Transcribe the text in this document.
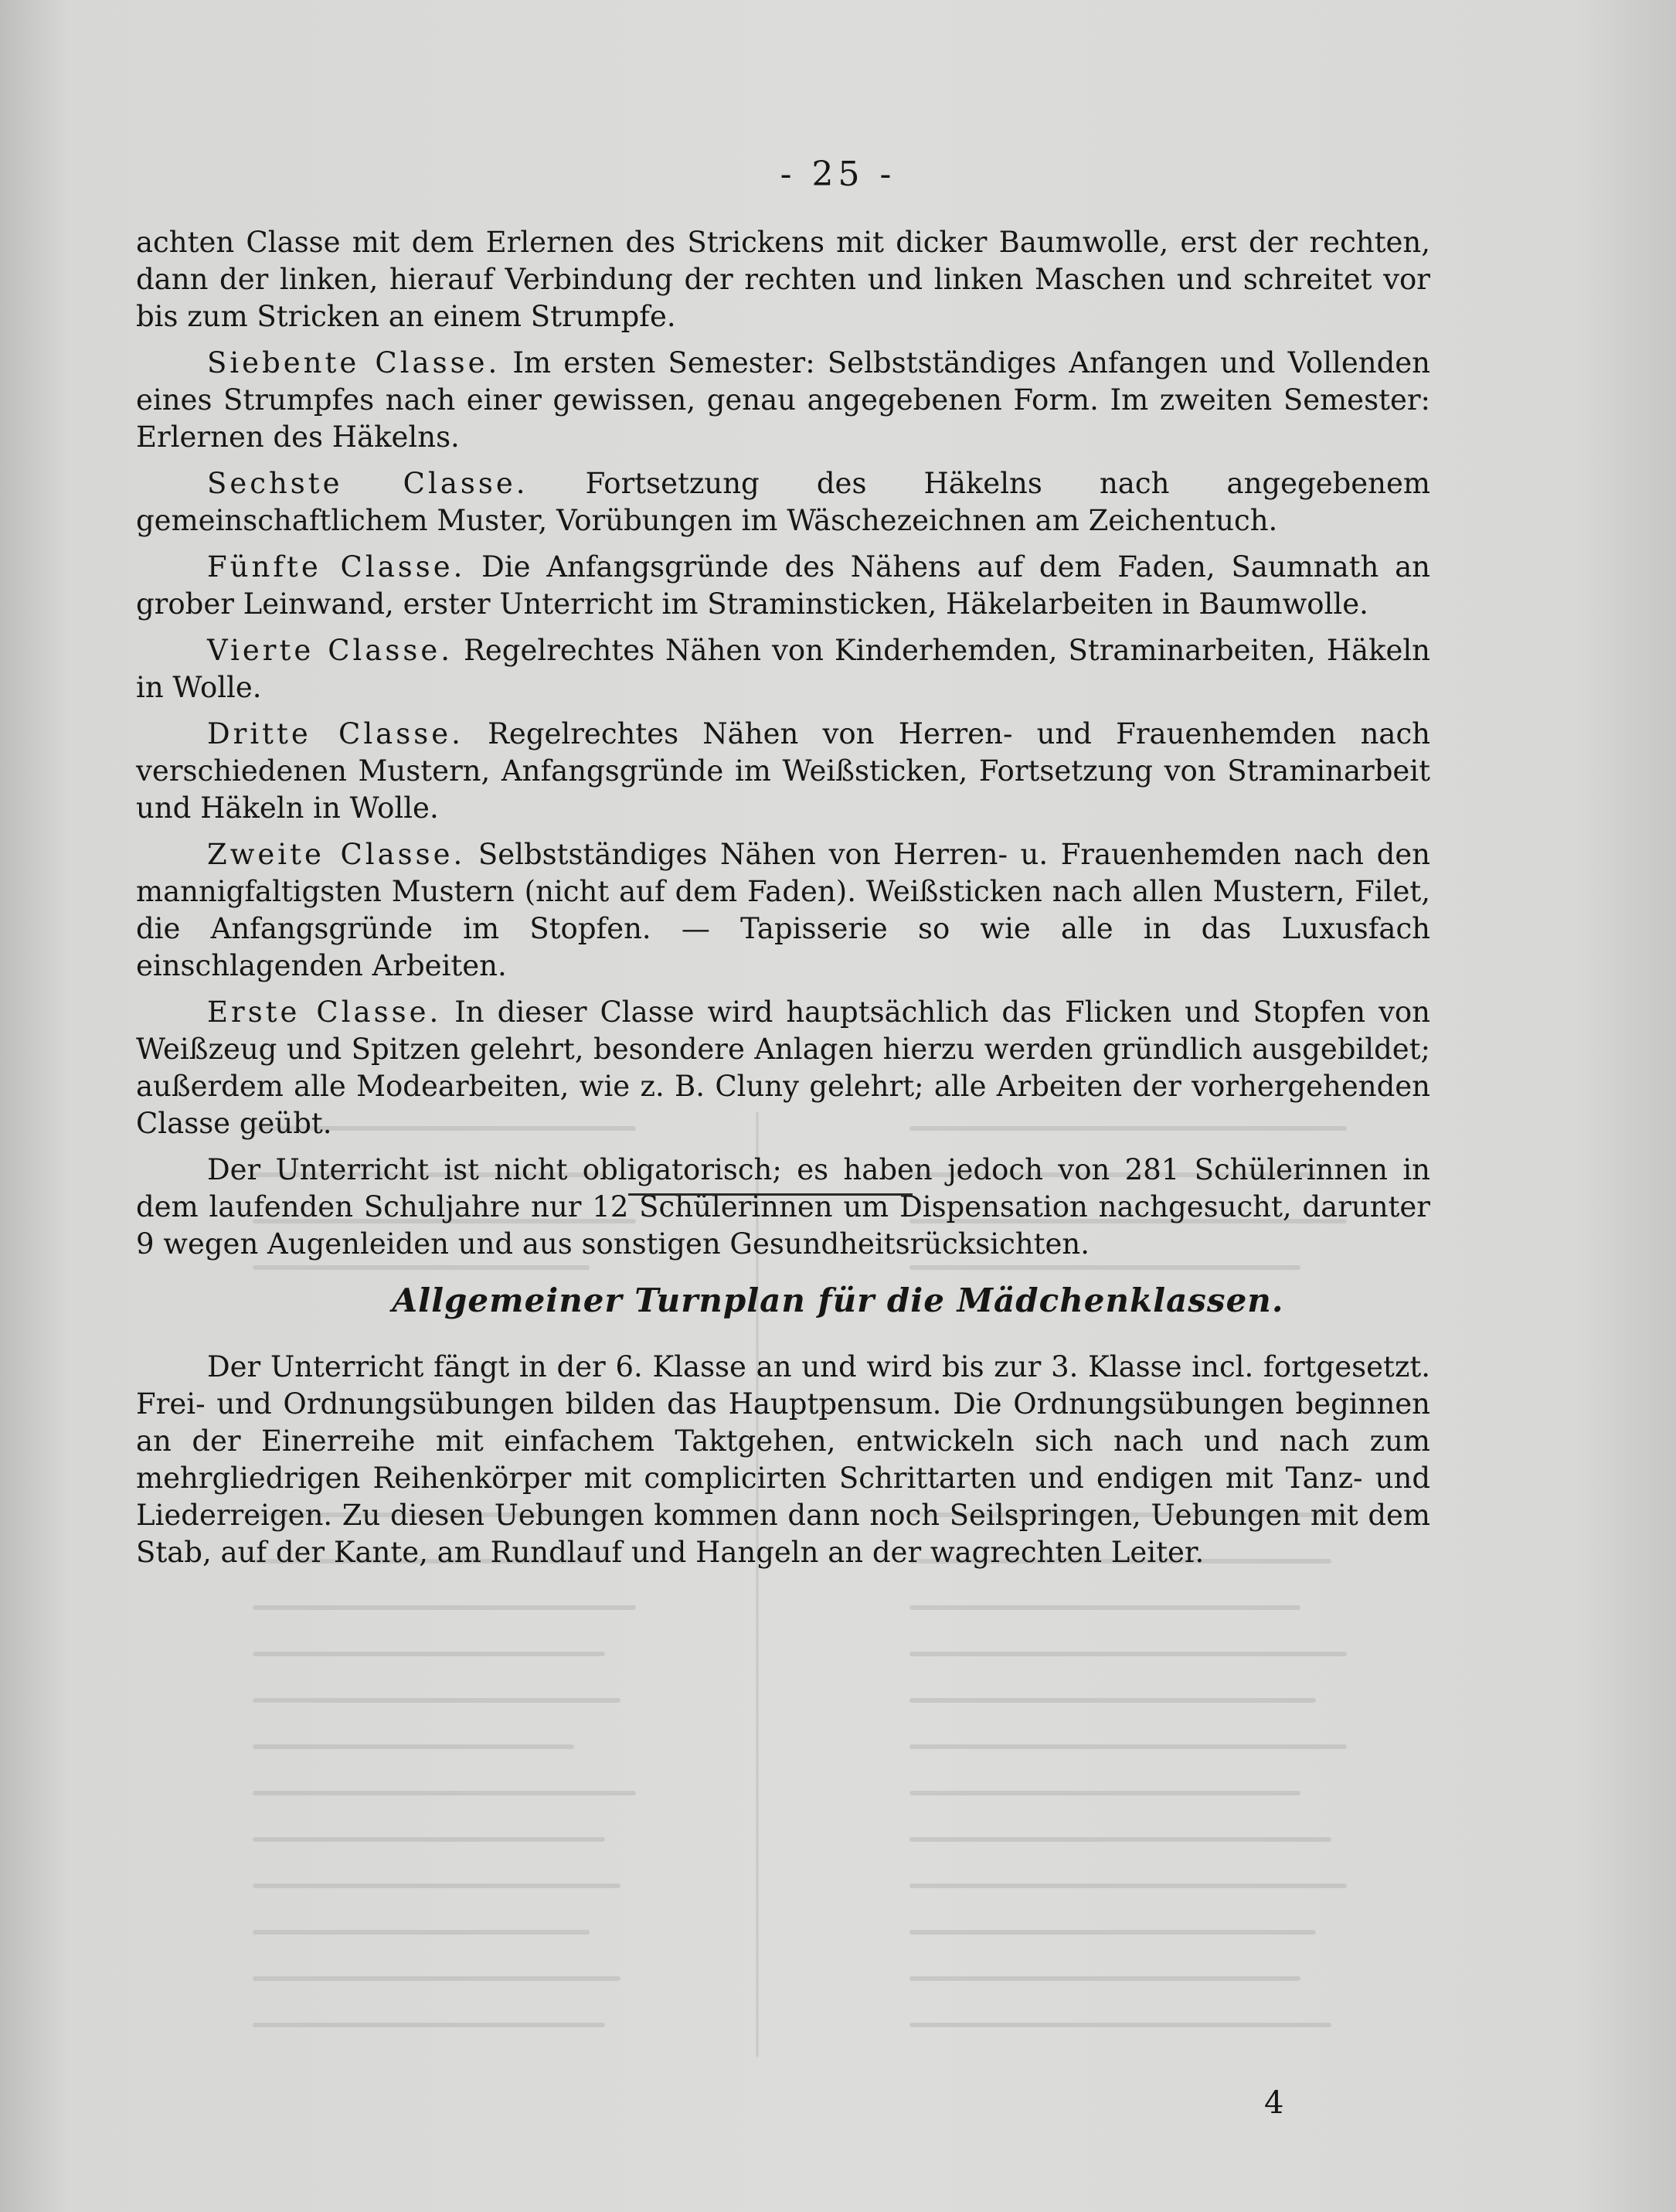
- 25 -

achten Classe mit dem Erlernen des Strickens mit dicker Baumwolle, erst der rechten, dann der linken, hierauf Verbindung der rechten und linken Maschen und schreitet vor bis zum Stricken an einem Strumpfe.

Siebente Classe. Im ersten Semester: Selbstständiges Anfangen und Vollenden eines Strumpfes nach einer gewissen, genau angegebenen Form. Im zweiten Semester: Erlernen des Häkelns.

Sechste Classe. Fortsetzung des Häkelns nach angegebenem gemeinschaftlichem Muster, Vorübungen im Wäschezeichnen am Zeichentuch.

Fünfte Classe. Die Anfangsgründe des Nähens auf dem Faden, Saumnath an grober Leinwand, erster Unterricht im Straminsticken, Häkelarbeiten in Baumwolle.

Vierte Classe. Regelrechtes Nähen von Kinderhemden, Straminarbeiten, Häkeln in Wolle.

Dritte Classe. Regelrechtes Nähen von Herren- und Frauenhemden nach verschiedenen Mustern, Anfangsgründe im Weißsticken, Fortsetzung von Straminarbeit und Häkeln in Wolle.

Zweite Classe. Selbstständiges Nähen von Herren- u. Frauenhemden nach den mannigfaltigsten Mustern (nicht auf dem Faden). Weißsticken nach allen Mustern, Filet, die Anfangsgründe im Stopfen. — Tapisserie so wie alle in das Luxusfach einschlagenden Arbeiten.

Erste Classe. In dieser Classe wird hauptsächlich das Flicken und Stopfen von Weißzeug und Spitzen gelehrt, besondere Anlagen hierzu werden gründlich ausgebildet; außerdem alle Modearbeiten, wie z. B. Cluny gelehrt; alle Arbeiten der vorhergehenden Classe geübt.

Der Unterricht ist nicht obligatorisch; es haben jedoch von 281 Schülerinnen in dem laufenden Schuljahre nur 12 Schülerinnen um Dispensation nachgesucht, darunter 9 wegen Augenleiden und aus sonstigen Gesundheitsrücksichten.

Allgemeiner Turnplan für die Mädchenklassen.

Der Unterricht fängt in der 6. Klasse an und wird bis zur 3. Klasse incl. fortgesetzt. Frei- und Ordnungsübungen bilden das Hauptpensum. Die Ordnungsübungen beginnen an der Einerreihe mit einfachem Taktgehen, entwickeln sich nach und nach zum mehrgliedrigen Reihenkörper mit complicirten Schrittarten und endigen mit Tanz- und Liederreigen. Zu diesen Uebungen kommen dann noch Seilspringen, Uebungen mit dem Stab, auf der Kante, am Rundlauf und Hangeln an der wagrechten Leiter.

4
